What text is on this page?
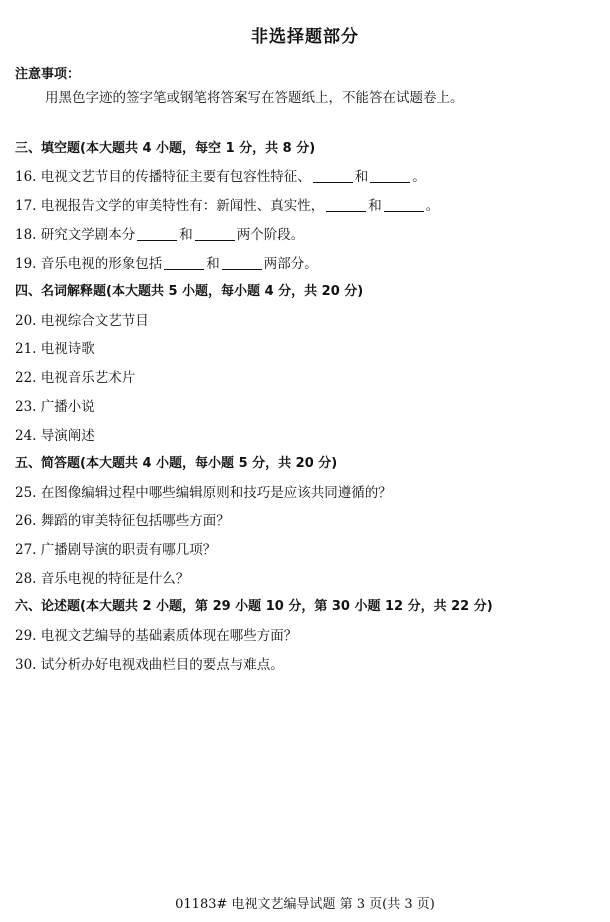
非选择题部分
注意事项：
用黑色字迹的签字笔或钢笔将答案写在答题纸上，不能答在试题卷上。
三、填空题(本大题共 4 小题，每空 1 分，共 8 分)
16. 电视文艺节目的传播特征主要有包容性特征、	和	。
17. 电视报告文学的审美特性有：新闻性、真实性，	和	。
18. 研究文学剧本分	和	两个阶段。
19. 音乐电视的形象包括	和	两部分。
四、名词解释题(本大题共 5 小题，每小题 4 分，共 20 分)
20. 电视综合文艺节目
21. 电视诗歌
22. 电视音乐艺术片
23. 广播小说
24. 导演阐述
五、简答题(本大题共 4 小题，每小题 5 分，共 20 分)
25. 在图像编辑过程中哪些编辑原则和技巧是应该共同遵循的？
26. 舞蹈的审美特征包括哪些方面？
27. 广播剧导演的职责有哪几项？
28. 音乐电视的特征是什么？
六、论述题(本大题共 2 小题，第 29 小题 10 分，第 30 小题 12 分，共 22 分)
29. 电视文艺编导的基础素质体现在哪些方面？
30. 试分析办好电视戏曲栏目的要点与难点。
01183# 电视文艺编导试题 第 3 页(共 3 页)
